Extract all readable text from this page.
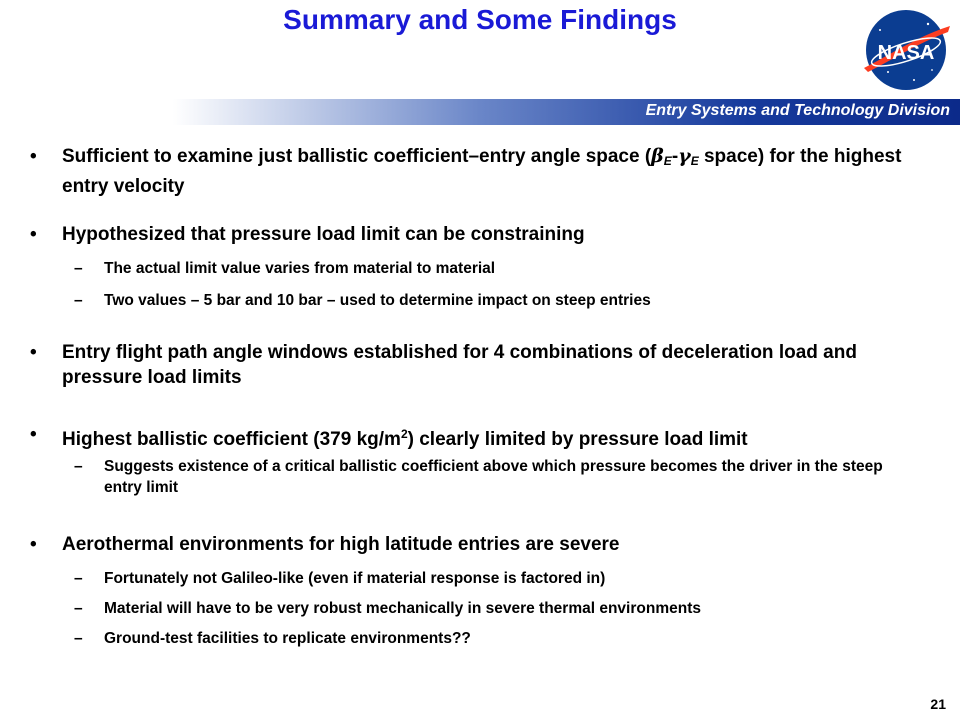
Summary and Some Findings
NASA
Entry Systems and Technology Division
• Sufficient to examine just ballistic coefficient–entry angle space ($\beta_E-\gamma_E$ space) for the highest entry velocity
Hypothesized that pressure load limit can be constraining
•
– The actual limit value varies from material to material
– Two values – 5 bar and 10 bar – used to determine impact on steep entries
• Entry flight path angle windows established for 4 combinations of deceleration load and pressure load limits
• Highest ballistic coefficient (379 $kg/m^2$) clearly limited by pressure load limit
– Suggests existence of a critical ballistic coefficient above which pressure becomes the driver in the steep entry limit
• Aerothermal environments for high latitude entries are severe
– Fortunately not Galileo-like (even if material response is factored in)
– Material will have to be very robust mechanically in severe thermal environments
– Ground-test facilities to replicate environments??
21
